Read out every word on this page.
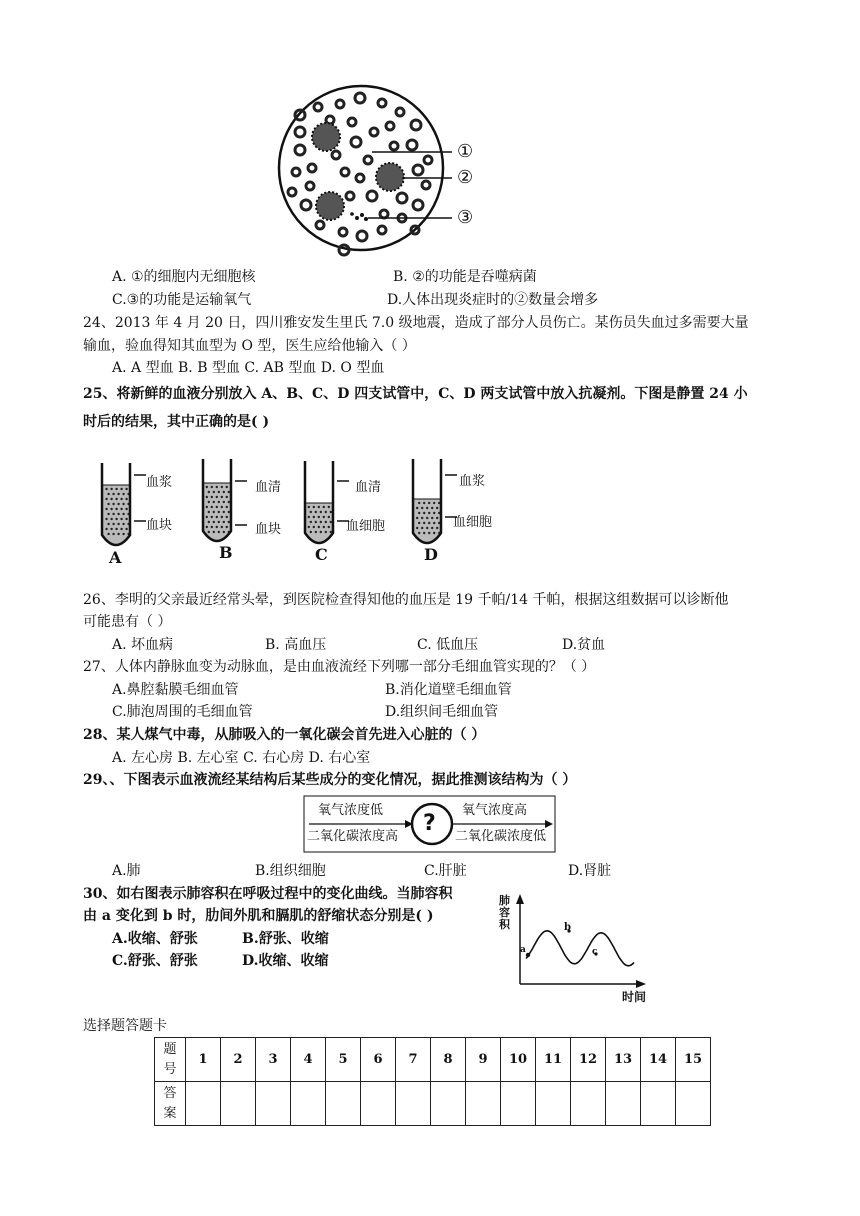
①
②
③
A. ①的细胞内无细胞核	B. ②的功能是吞噬病菌
C.③的功能是运输氧气	D.人体出现炎症时的②数量会增多
24、2013 年 4 月 20 日，四川雅安发生里氏 7.0 级地震，造成了部分人员伤亡。某伤员失血过多需要大量
输血，验血得知其血型为 O 型，医生应给他输入（ ）
A. A 型血 B. B 型血 C. AB 型血 D. O 型血
25、将新鲜的血液分别放入 A、B、C、D 四支试管中，C、D 两支试管中放入抗凝剂。下图是静置 24 小
时后的结果，其中正确的是( )
A	B	C	D
血浆
血块
血清
血块
血清
血细胞
血浆
血细胞
26、李明的父亲最近经常头晕，到医院检查得知他的血压是 19 千帕/14 千帕，根据这组数据可以诊断他
可能患有（ ）
A. 坏血病	B. 高血压	C. 低血压	D.贫血
27、人体内静脉血变为动脉血，是由血液流经下列哪一部分毛细血管实现的？（ ）
A.鼻腔黏膜毛细血管	B.消化道壁毛细血管
C.肺泡周围的毛细血管	D.组织间毛细血管
28、某人煤气中毒，从肺吸入的一氧化碳会首先进入心脏的（ ）
A. 左心房 B. 左心室 C. 右心房 D. 右心室
29、、下图表示血液流经某结构后某些成分的变化情况，据此推测该结构为（ ）
氧气浓度低
二氧化碳浓度高
?
氧气浓度高
二氧化碳浓度低
A.肺	B.组织细胞	C.肝脏	D.肾脏
30、如右图表示肺容积在呼吸过程中的变化曲线。当肺容积
由 a 变化到 b 时，肋间外肌和膈肌的舒缩状态分别是( )
A.收缩、舒张	B.舒张、收缩
C.舒张、舒张	D.收缩、收缩
肺
容
积
时间
a
b
c
选择题答题卡
题
号	1	2	3	4	5	6	7	8	9	10	11	12	13	14	15
答
案															
